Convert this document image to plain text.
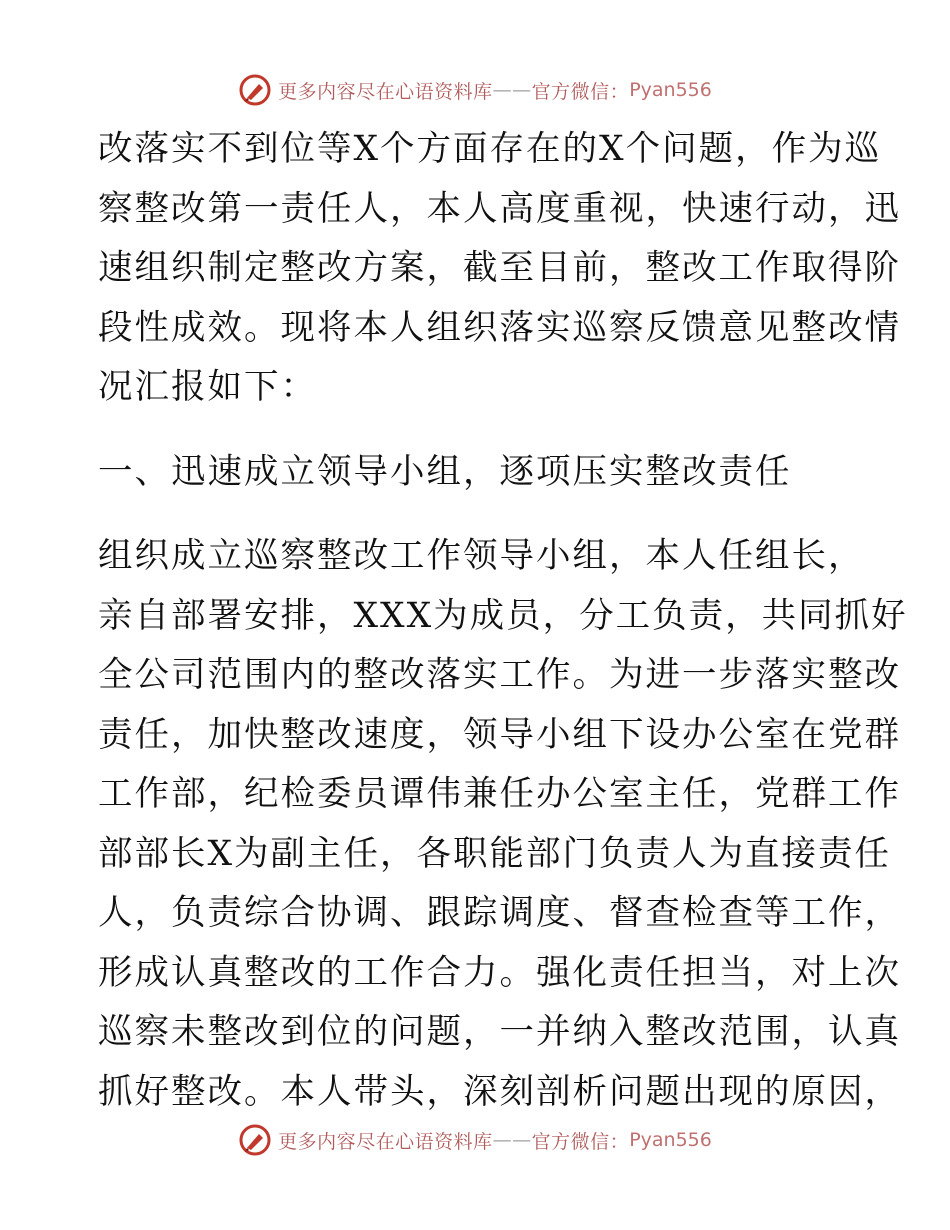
更多内容尽在心语资料库 —— 官方微信： Pyan556
改落实不到位等X个方面存在的X个问题，作为巡
察整改第一责任人，本人高度重视，快速行动，迅
速组织制定整改方案，截至目前，整改工作取得阶
段性成效。现将本人组织落实巡察反馈意见整改情
况汇报如下：
一、迅速成立领导小组，逐项压实整改责任
组织成立巡察整改工作领导小组，本人任组长，
亲自部署安排，XXX为成员，分工负责，共同抓好
全公司范围内的整改落实工作。为进一步落实整改
责任，加快整改速度，领导小组下设办公室在党群
工作部，纪检委员谭伟兼任办公室主任，党群工作
部部长X为副主任，各职能部门负责人为直接责任
人，负责综合协调、跟踪调度、督查检查等工作，
形成认真整改的工作合力。强化责任担当，对上次
巡察未整改到位的问题，一并纳入整改范围，认真
抓好整改。本人带头，深刻剖析问题出现的原因，
更多内容尽在心语资料库 —— 官方微信： Pyan556
